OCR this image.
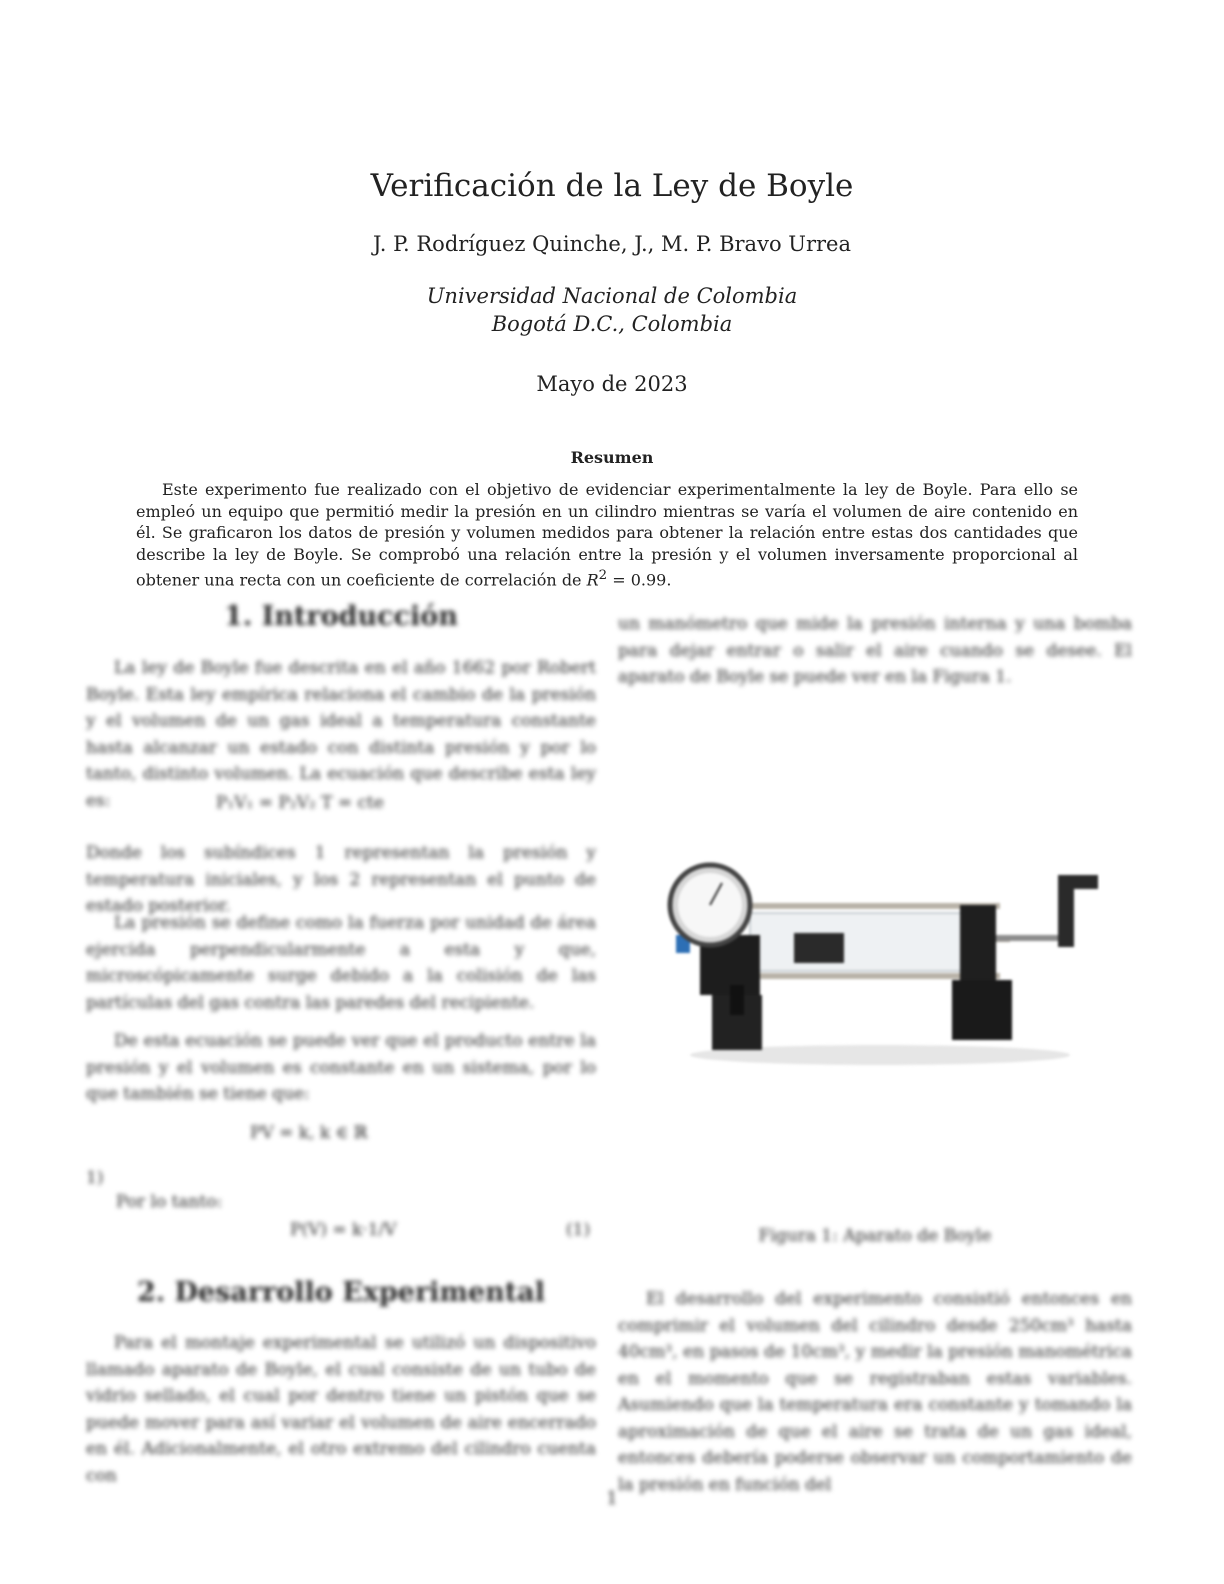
Verificación de la Ley de Boyle
J. P. Rodríguez Quinche, J., M. P. Bravo Urrea
Universidad Nacional de Colombia
Bogotá D.C., Colombia
Mayo de 2023
Resumen

Este experimento fue realizado con el objetivo de evidenciar experimentalmente la ley de Boyle. Para ello se empleó un equipo que permitió medir la presión en un cilindro mientras se varía el volumen de aire contenido en él. Se graficaron los datos de presión y volumen medidos para obtener la relación entre estas dos cantidades que describe la ley de Boyle. Se comprobó una relación entre la presión y el volumen inversamente proporcional al obtener una recta con un coeficiente de correlación de $R^2 = 0.99$.

1. Introducción

La ley de Boyle fue descrita en el año 1662 por Robert Boyle. Esta ley empírica relaciona el cambio de la presión y el volumen de un gas ideal a temperatura constante hasta alcanzar un estado con distinta presión y por lo tanto, distinto volumen. La ecuación que describe esta ley es:	P₁V₁ = P₂V₂ T = cte

Donde los subíndices 1 representan la presión y temperatura iniciales, y los 2 representan el punto de estado posterior.

La presión se define como la fuerza por unidad de área ejercida perpendicularmente a esta y que, microscópicamente surge debido a la colisión de las partículas del gas contra las paredes del recipiente.

De esta ecuación se puede ver que el producto entre la presión y el volumen es constante en un sistema, por lo que también se tiene que:

PV = k, k ∈ ℝ
1)
Por lo tanto:
P(V) = k·1/V	(1)
2. Desarrollo Experimental

Para el montaje experimental se utilizó un dispositivo llamado aparato de Boyle, el cual consiste de un tubo de vidrio sellado, el cual por dentro tiene un pistón que se puede mover para así variar el volumen de aire encerrado en él. Adicionalmente, el otro extremo del cilindro cuenta con

un manómetro que mide la presión interna y una bomba para dejar entrar o salir el aire cuando se desee. El aparato de Boyle se puede ver en la Figura 1.

Figura 1: Aparato de Boyle

El desarrollo del experimento consistió entonces en comprimir el volumen del cilindro desde 250cm³ hasta 40cm³, en pasos de 10cm³, y medir la presión manométrica en el momento que se registraban estas variables. Asumiendo que la temperatura era constante y tomando la aproximación de que el aire se trata de un gas ideal, entonces debería poderse observar un comportamiento de la presión en función del

1
